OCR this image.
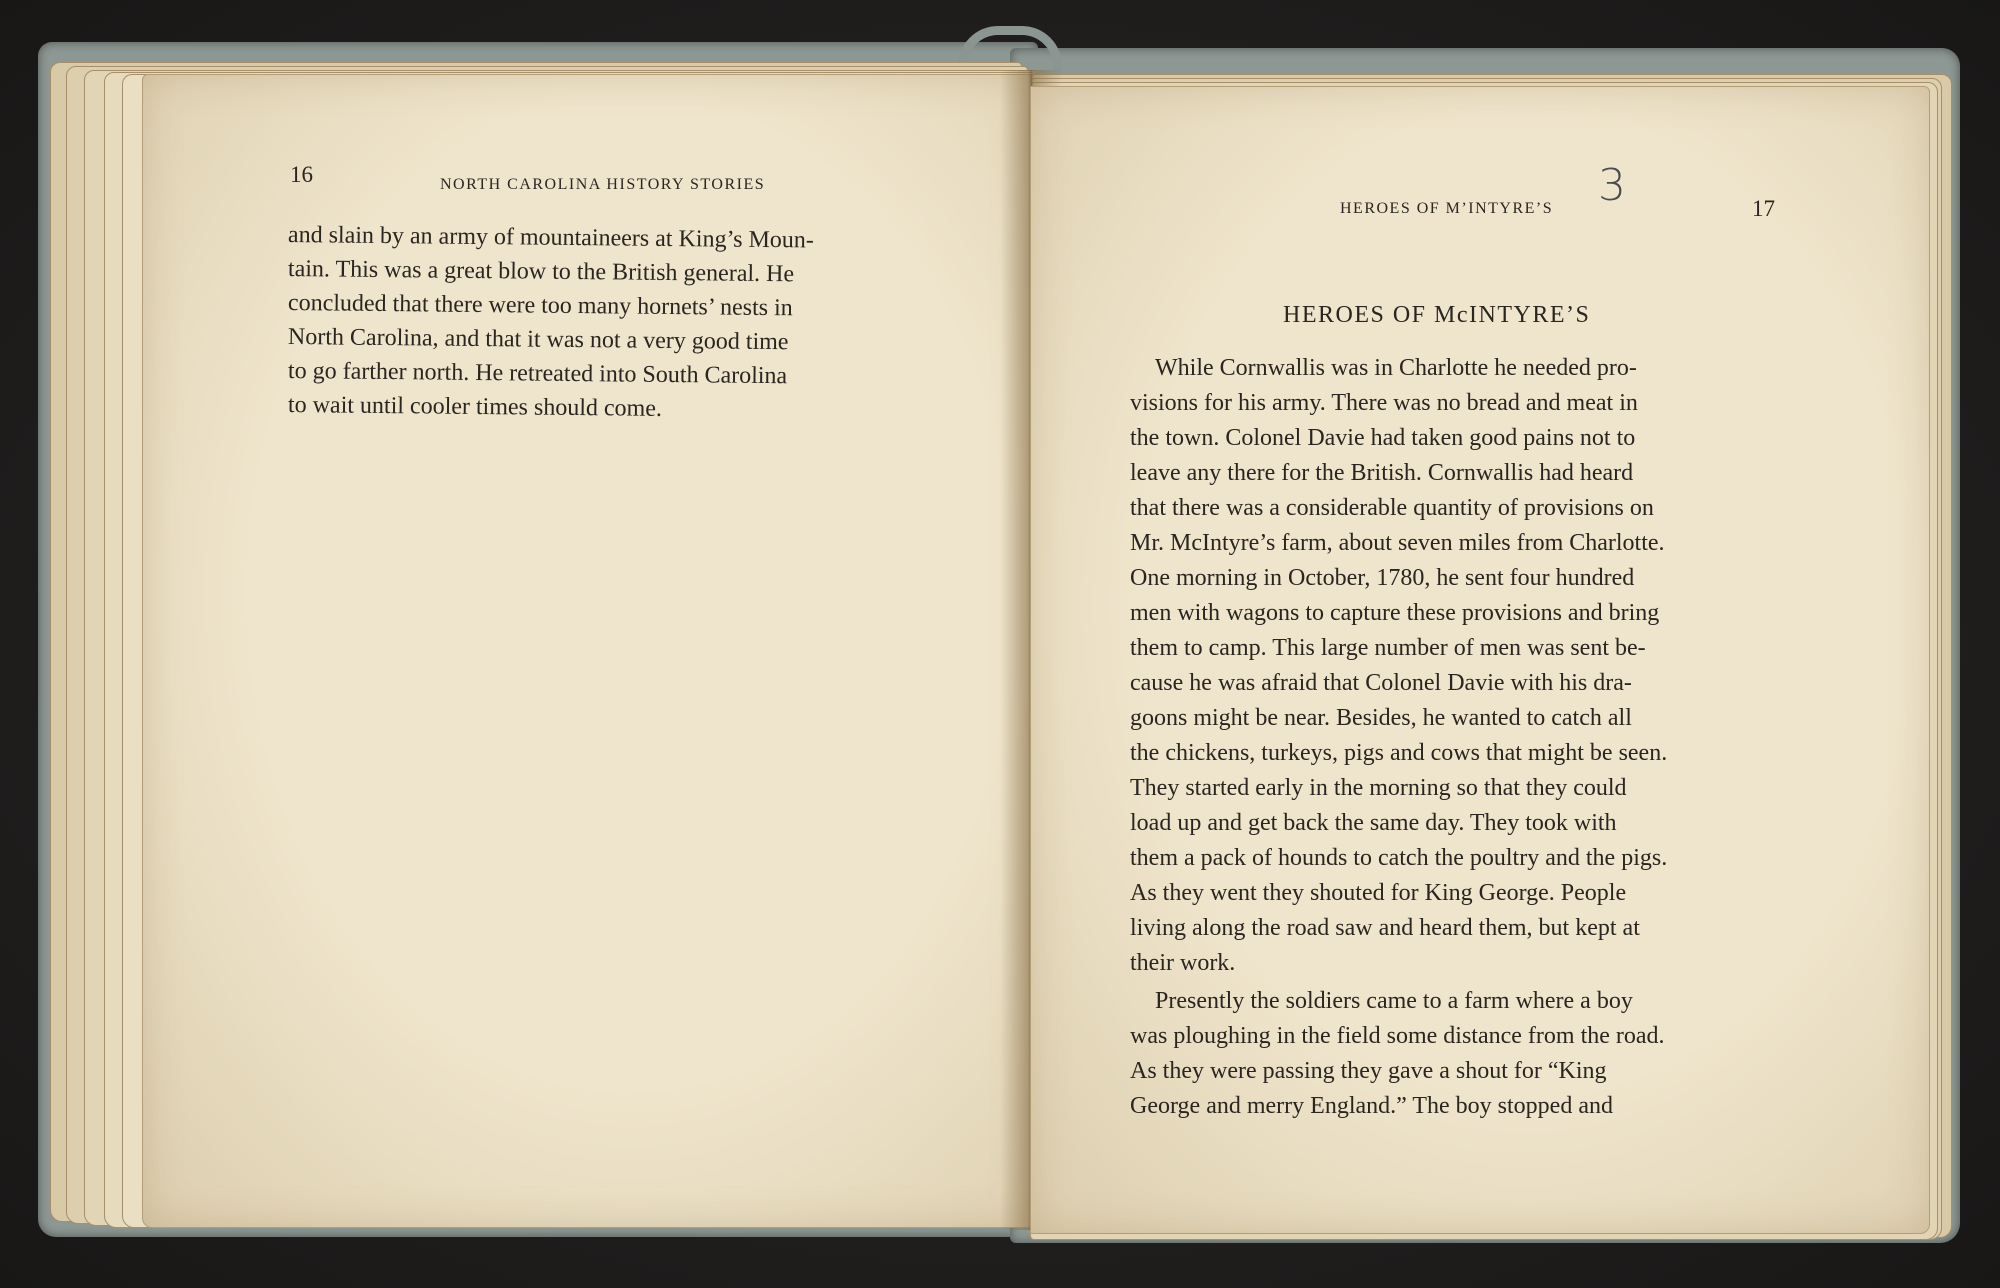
16	NORTH CAROLINA HISTORY STORIES
and slain by an army of mountaineers at King’s Moun-
tain. This was a great blow to the British general. He
concluded that there were too many hornets’ nests in
North Carolina, and that it was not a very good time
to go farther north. He retreated into South Carolina
to wait until cooler times should come.
HEROES OF M’INTYRE’S 3	17
HEROES OF McINTYRE’S
While Cornwallis was in Charlotte he needed pro-
visions for his army. There was no bread and meat in
the town. Colonel Davie had taken good pains not to
leave any there for the British. Cornwallis had heard
that there was a considerable quantity of provisions on
Mr. McIntyre’s farm, about seven miles from Charlotte.
One morning in October, 1780, he sent four hundred
men with wagons to capture these provisions and bring
them to camp. This large number of men was sent be-
cause he was afraid that Colonel Davie with his dra-
goons might be near. Besides, he wanted to catch all
the chickens, turkeys, pigs and cows that might be seen.
They started early in the morning so that they could
load up and get back the same day. They took with
them a pack of hounds to catch the poultry and the pigs.
As they went they shouted for King George. People
living along the road saw and heard them, but kept at
their work.
Presently the soldiers came to a farm where a boy
was ploughing in the field some distance from the road.
As they were passing they gave a shout for “King
George and merry England.” The boy stopped and
